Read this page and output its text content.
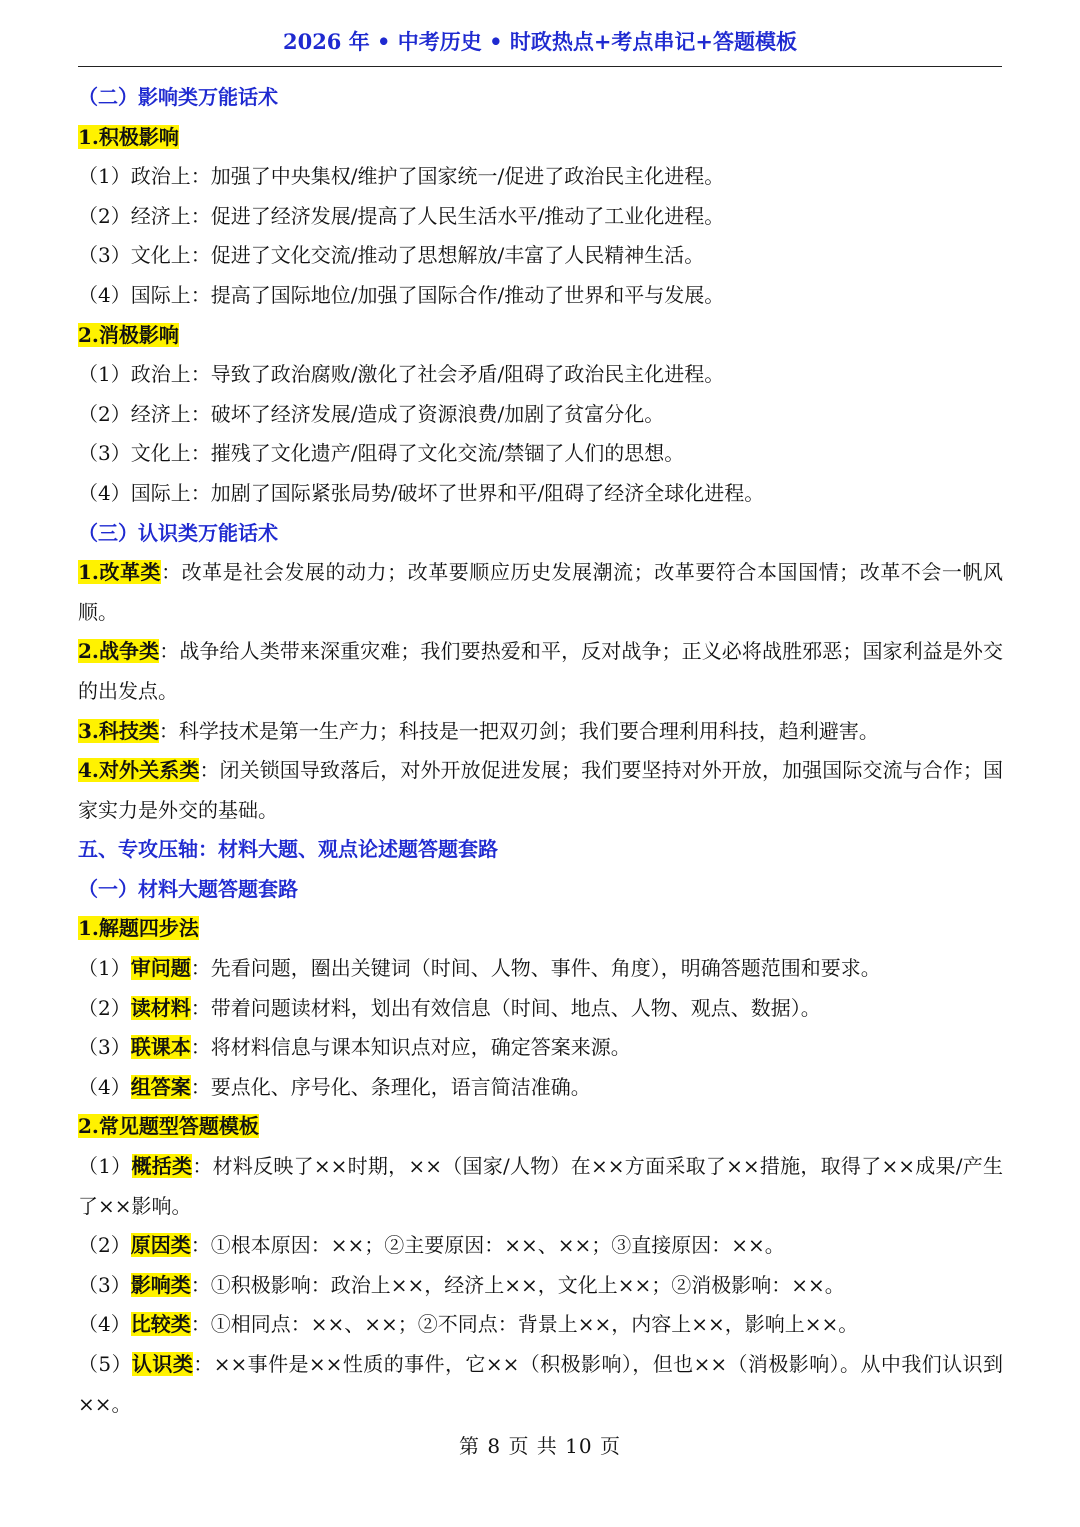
2026 年 • 中考历史 • 时政热点+考点串记+答题模板
（二）影响类万能话术
1.积极影响
（1）政治上：加强了中央集权/维护了国家统一/促进了政治民主化进程。
（2）经济上：促进了经济发展/提高了人民生活水平/推动了工业化进程。
（3）文化上：促进了文化交流/推动了思想解放/丰富了人民精神生活。
（4）国际上：提高了国际地位/加强了国际合作/推动了世界和平与发展。
2.消极影响
（1）政治上：导致了政治腐败/激化了社会矛盾/阻碍了政治民主化进程。
（2）经济上：破坏了经济发展/造成了资源浪费/加剧了贫富分化。
（3）文化上：摧残了文化遗产/阻碍了文化交流/禁锢了人们的思想。
（4）国际上：加剧了国际紧张局势/破坏了世界和平/阻碍了经济全球化进程。
（三）认识类万能话术
1.改革类：改革是社会发展的动力；改革要顺应历史发展潮流；改革要符合本国国情；改革不会一帆风顺。
2.战争类：战争给人类带来深重灾难；我们要热爱和平，反对战争；正义必将战胜邪恶；国家利益是外交的出发点。
3.科技类：科学技术是第一生产力；科技是一把双刃剑；我们要合理利用科技，趋利避害。
4.对外关系类：闭关锁国导致落后，对外开放促进发展；我们要坚持对外开放，加强国际交流与合作；国家实力是外交的基础。
五、专攻压轴：材料大题、观点论述题答题套路
（一）材料大题答题套路
1.解题四步法
（1）审问题：先看问题，圈出关键词（时间、人物、事件、角度），明确答题范围和要求。
（2）读材料：带着问题读材料，划出有效信息（时间、地点、人物、观点、数据）。
（3）联课本：将材料信息与课本知识点对应，确定答案来源。
（4）组答案：要点化、序号化、条理化，语言简洁准确。
2.常见题型答题模板
（1）概括类：材料反映了××时期，××（国家/人物）在××方面采取了××措施，取得了××成果/产生了××影响。
（2）原因类：①根本原因：××；②主要原因：××、××；③直接原因：××。
（3）影响类：①积极影响：政治上××，经济上××，文化上××；②消极影响：××。
（4）比较类：①相同点：××、××；②不同点：背景上××，内容上××，影响上××。
（5）认识类：××事件是××性质的事件，它××（积极影响），但也××（消极影响）。从中我们认识到××。
第 8 页 共 10 页
